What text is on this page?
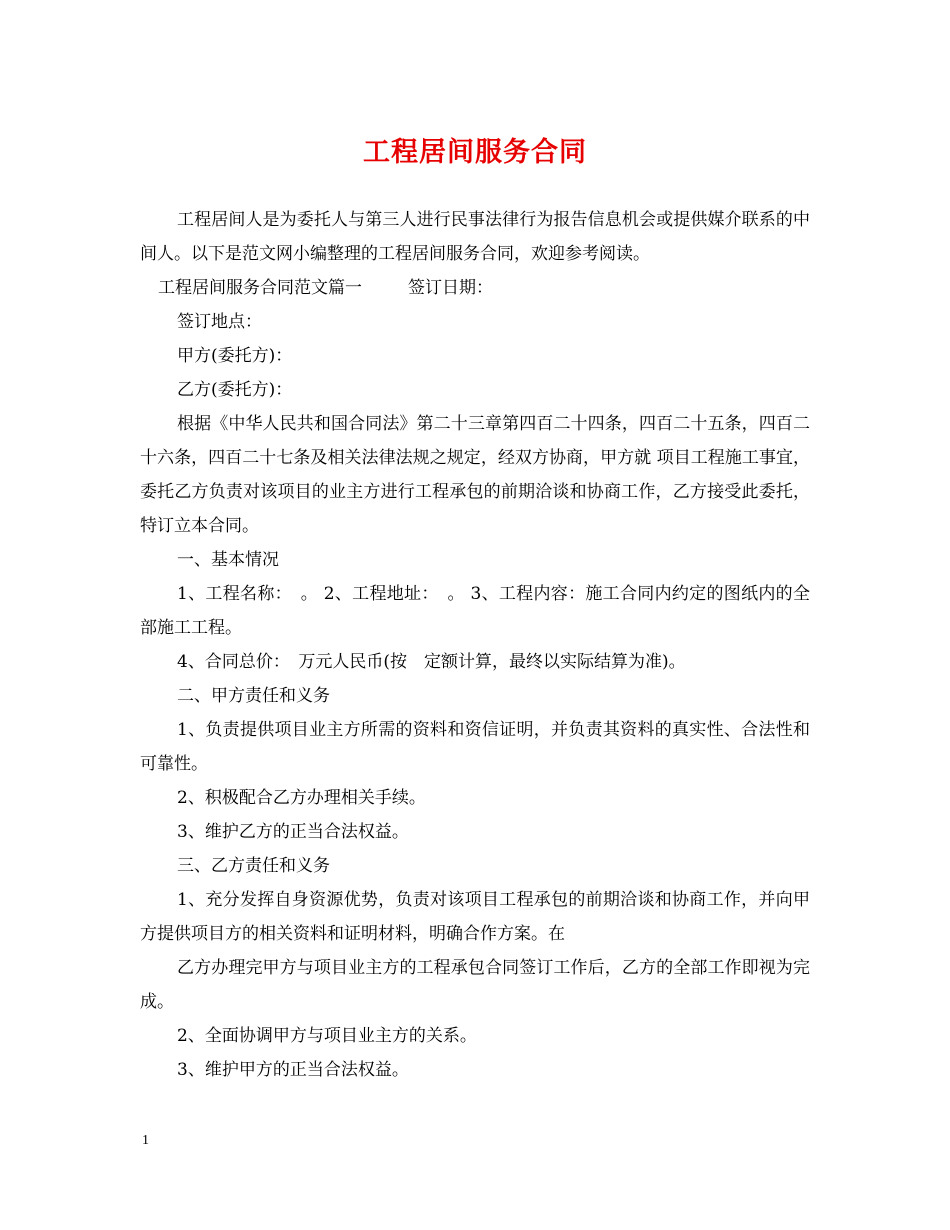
工程居间服务合同
工程居间人是为委托人与第三人进行民事法律行为报告信息机会或提供媒介联系的中间人。以下是范文网小编整理的工程居间服务合同，欢迎参考阅读。
工程居间服务合同范文篇一	签订日期：
签订地点：
甲方(委托方)：
乙方(委托方)：
根据《中华人民共和国合同法》第二十三章第四百二十四条，四百二十五条，四百二十六条，四百二十七条及相关法律法规之规定，经双方协商，甲方就 项目工程施工事宜，委托乙方负责对该项目的业主方进行工程承包的前期洽谈和协商工作，乙方接受此委托，特订立本合同。
一、基本情况
1、工程名称：　。 2、工程地址：　。 3、工程内容：施工合同内约定的图纸内的全部施工工程。
4、合同总价：　万元人民币(按　定额计算，最终以实际结算为准)。
二、甲方责任和义务
1、负责提供项目业主方所需的资料和资信证明，并负责其资料的真实性、合法性和可靠性。
2、积极配合乙方办理相关手续。
3、维护乙方的正当合法权益。
三、乙方责任和义务
1、充分发挥自身资源优势，负责对该项目工程承包的前期洽谈和协商工作，并向甲方提供项目方的相关资料和证明材料，明确合作方案。在
乙方办理完甲方与项目业主方的工程承包合同签订工作后，乙方的全部工作即视为完成。
2、全面协调甲方与项目业主方的关系。
3、维护甲方的正当合法权益。
1
